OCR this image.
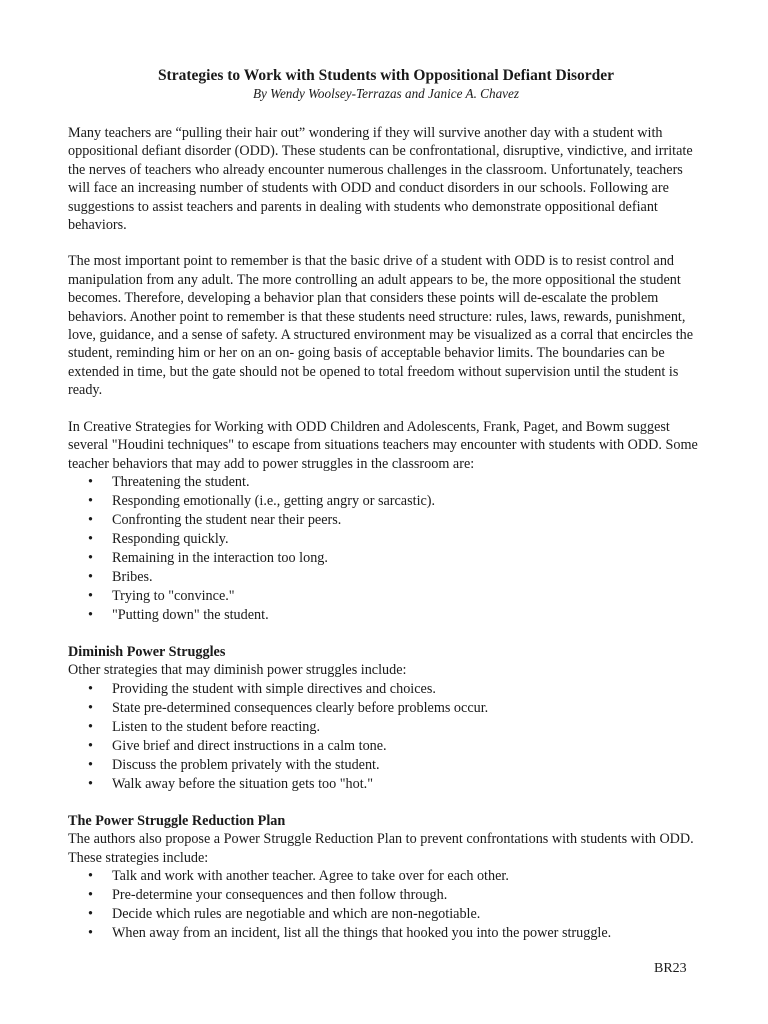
Strategies to Work with Students with Oppositional Defiant Disorder
By Wendy Woolsey-Terrazas and Janice A. Chavez

Many teachers are “pulling their hair out” wondering if they will survive another day with a student with oppositional defiant disorder (ODD). These students can be confrontational, disruptive, vindictive, and irritate the nerves of teachers who already encounter numerous challenges in the classroom. Unfortunately, teachers will face an increasing number of students with ODD and conduct disorders in our schools. Following are suggestions to assist teachers and parents in dealing with students who demonstrate oppositional defiant behaviors.

The most important point to remember is that the basic drive of a student with ODD is to resist control and manipulation from any adult. The more controlling an adult appears to be, the more oppositional the student becomes. Therefore, developing a behavior plan that considers these points will de-escalate the problem behaviors. Another point to remember is that these students need structure: rules, laws, rewards, punishment, love, guidance, and a sense of safety. A structured environment may be visualized as a corral that encircles the student, reminding him or her on an on- going basis of acceptable behavior limits. The boundaries can be extended in time, but the gate should not be opened to total freedom without supervision until the student is ready.

In Creative Strategies for Working with ODD Children and Adolescents, Frank, Paget, and Bowm suggest several "Houdini techniques" to escape from situations teachers may encounter with students with ODD. Some teacher behaviors that may add to power struggles in the classroom are:

• Threatening the student.
• Responding emotionally (i.e., getting angry or sarcastic).
• Confronting the student near their peers.
• Responding quickly.
• Remaining in the interaction too long.
• Bribes.
• Trying to "convince."
• "Putting down" the student.
Diminish Power Struggles

Other strategies that may diminish power struggles include:

• Providing the student with simple directives and choices.
• State pre-determined consequences clearly before problems occur.
• Listen to the student before reacting.
• Give brief and direct instructions in a calm tone.
• Discuss the problem privately with the student.
• Walk away before the situation gets too "hot."
The Power Struggle Reduction Plan

The authors also propose a Power Struggle Reduction Plan to prevent confrontations with students with ODD. These strategies include:

• Talk and work with another teacher. Agree to take over for each other.
• Pre-determine your consequences and then follow through.
• Decide which rules are negotiable and which are non-negotiable.
• When away from an incident, list all the things that hooked you into the power struggle.
BR23
